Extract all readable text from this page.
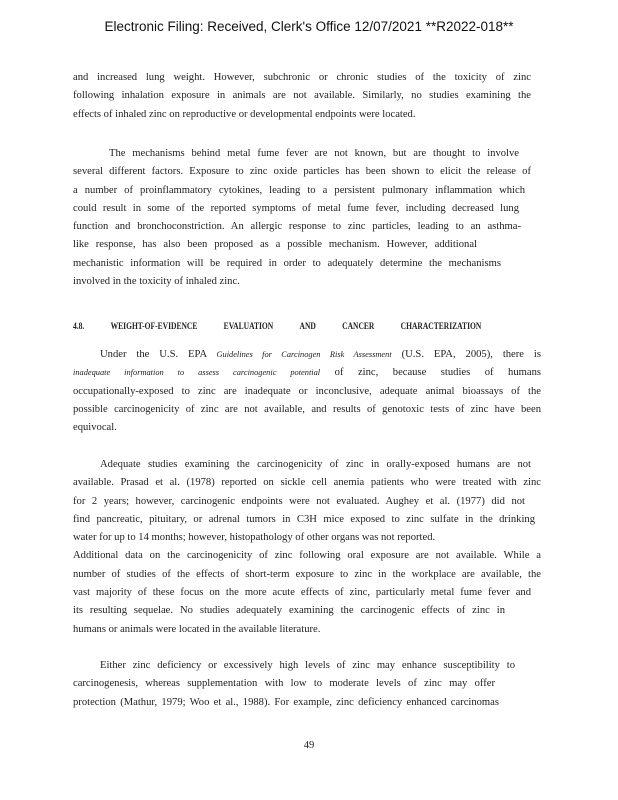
Electronic Filing: Received, Clerk's Office 12/07/2021 **R2022-018**
and increased lung weight. However, subchronic or chronic studies of the toxicity of zinc
following inhalation exposure in animals are not available. Similarly, no studies examining the
effects of inhaled zinc on reproductive or developmental endpoints were located.
The mechanisms behind metal fume fever are not known, but are thought to involve
several different factors. Exposure to zinc oxide particles has been shown to elicit the release of
a number of proinflammatory cytokines, leading to a persistent pulmonary inflammation which
could result in some of the reported symptoms of metal fume fever, including decreased lung
function and bronchoconstriction. An allergic response to zinc particles, leading to an asthma-
like response, has also been proposed as a possible mechanism. However, additional
mechanistic information will be required in order to adequately determine the mechanisms
involved in the toxicity of inhaled zinc.
4.8.	WEIGHT-OF-EVIDENCE	EVALUATION	AND	CANCER	CHARACTERIZATION
Under the U.S. EPA Guidelines for Carcinogen Risk Assessment (U.S. EPA, 2005), there is
inadequate information to assess carcinogenic potential of zinc, because studies of humans
occupationally-exposed to zinc are inadequate or inconclusive, adequate animal bioassays of the
possible carcinogenicity of zinc are not available, and results of genotoxic tests of zinc have been
equivocal.
Adequate studies examining the carcinogenicity of zinc in orally-exposed humans are not
available. Prasad et al. (1978) reported on sickle cell anemia patients who were treated with zinc
for 2 years; however, carcinogenic endpoints were not evaluated. Aughey et al. (1977) did not
find pancreatic, pituitary, or adrenal tumors in C3H mice exposed to zinc sulfate in the drinking
water for up to 14 months; however, histopathology of other organs was not reported.
Additional data on the carcinogenicity of zinc following oral exposure are not available. While a
number of studies of the effects of short-term exposure to zinc in the workplace are available, the
vast majority of these focus on the more acute effects of zinc, particularly metal fume fever and
its resulting sequelae. No studies adequately examining the carcinogenic effects of zinc in
humans or animals were located in the available literature.
Either zinc deficiency or excessively high levels of zinc may enhance susceptibility to
carcinogenesis, whereas supplementation with low to moderate levels of zinc may offer
protection (Mathur, 1979; Woo et al., 1988). For example, zinc deficiency enhanced carcinomas
49
